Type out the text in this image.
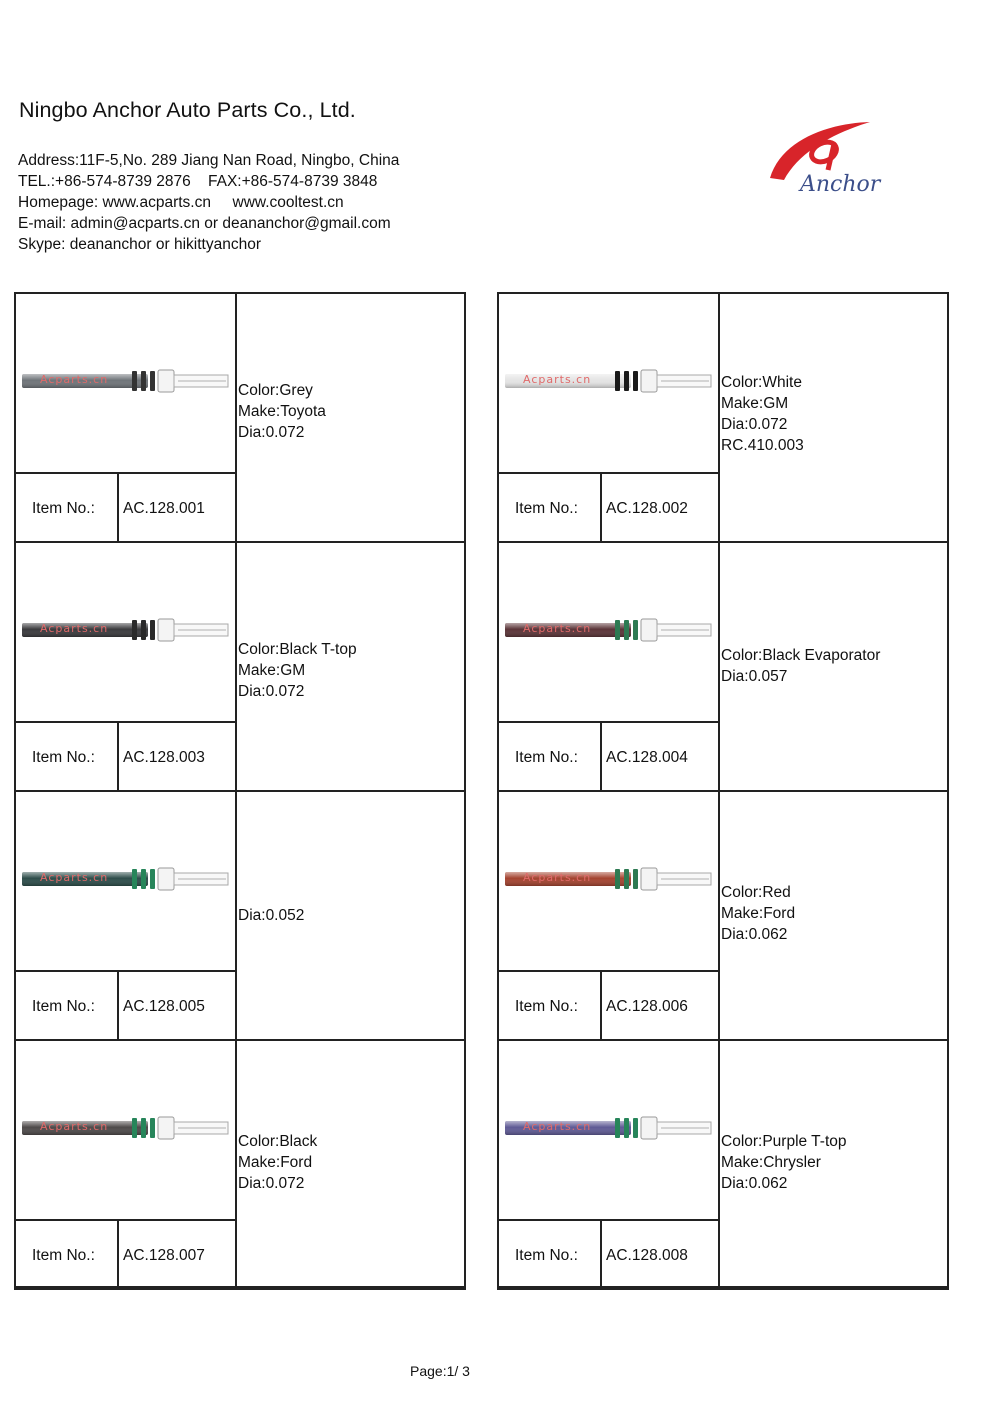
Ningbo Anchor Auto Parts Co., Ltd.
Address:11F-5,No. 289 Jiang Nan Road, Ningbo, China
TEL.:+86-574-8739 2876    FAX:+86-574-8739 3848
Homepage: www.acparts.cn     www.cooltest.cn
E-mail: admin@acparts.cn or deananchor@gmail.com
Skype: deananchor or hikittyanchor
Anchor
Acparts.cn
Item No.: AC.128.001
Color:Grey
Make:Toyota
Dia:0.072
Acparts.cn
Item No.: AC.128.002
Color:White
Make:GM
Dia:0.072
RC.410.003
Acparts.cn
Item No.: AC.128.003
Color:Black T-top
Make:GM
Dia:0.072
Acparts.cn
Item No.: AC.128.004
Color:Black Evaporator
Dia:0.057
Acparts.cn
Item No.: AC.128.005
Dia:0.052
Acparts.cn
Item No.: AC.128.006
Color:Red
Make:Ford
Dia:0.062
Acparts.cn
Item No.: AC.128.007
Color:Black
Make:Ford
Dia:0.072
Acparts.cn
Item No.: AC.128.008
Color:Purple T-top
Make:Chrysler
Dia:0.062
Page:1/ 3
